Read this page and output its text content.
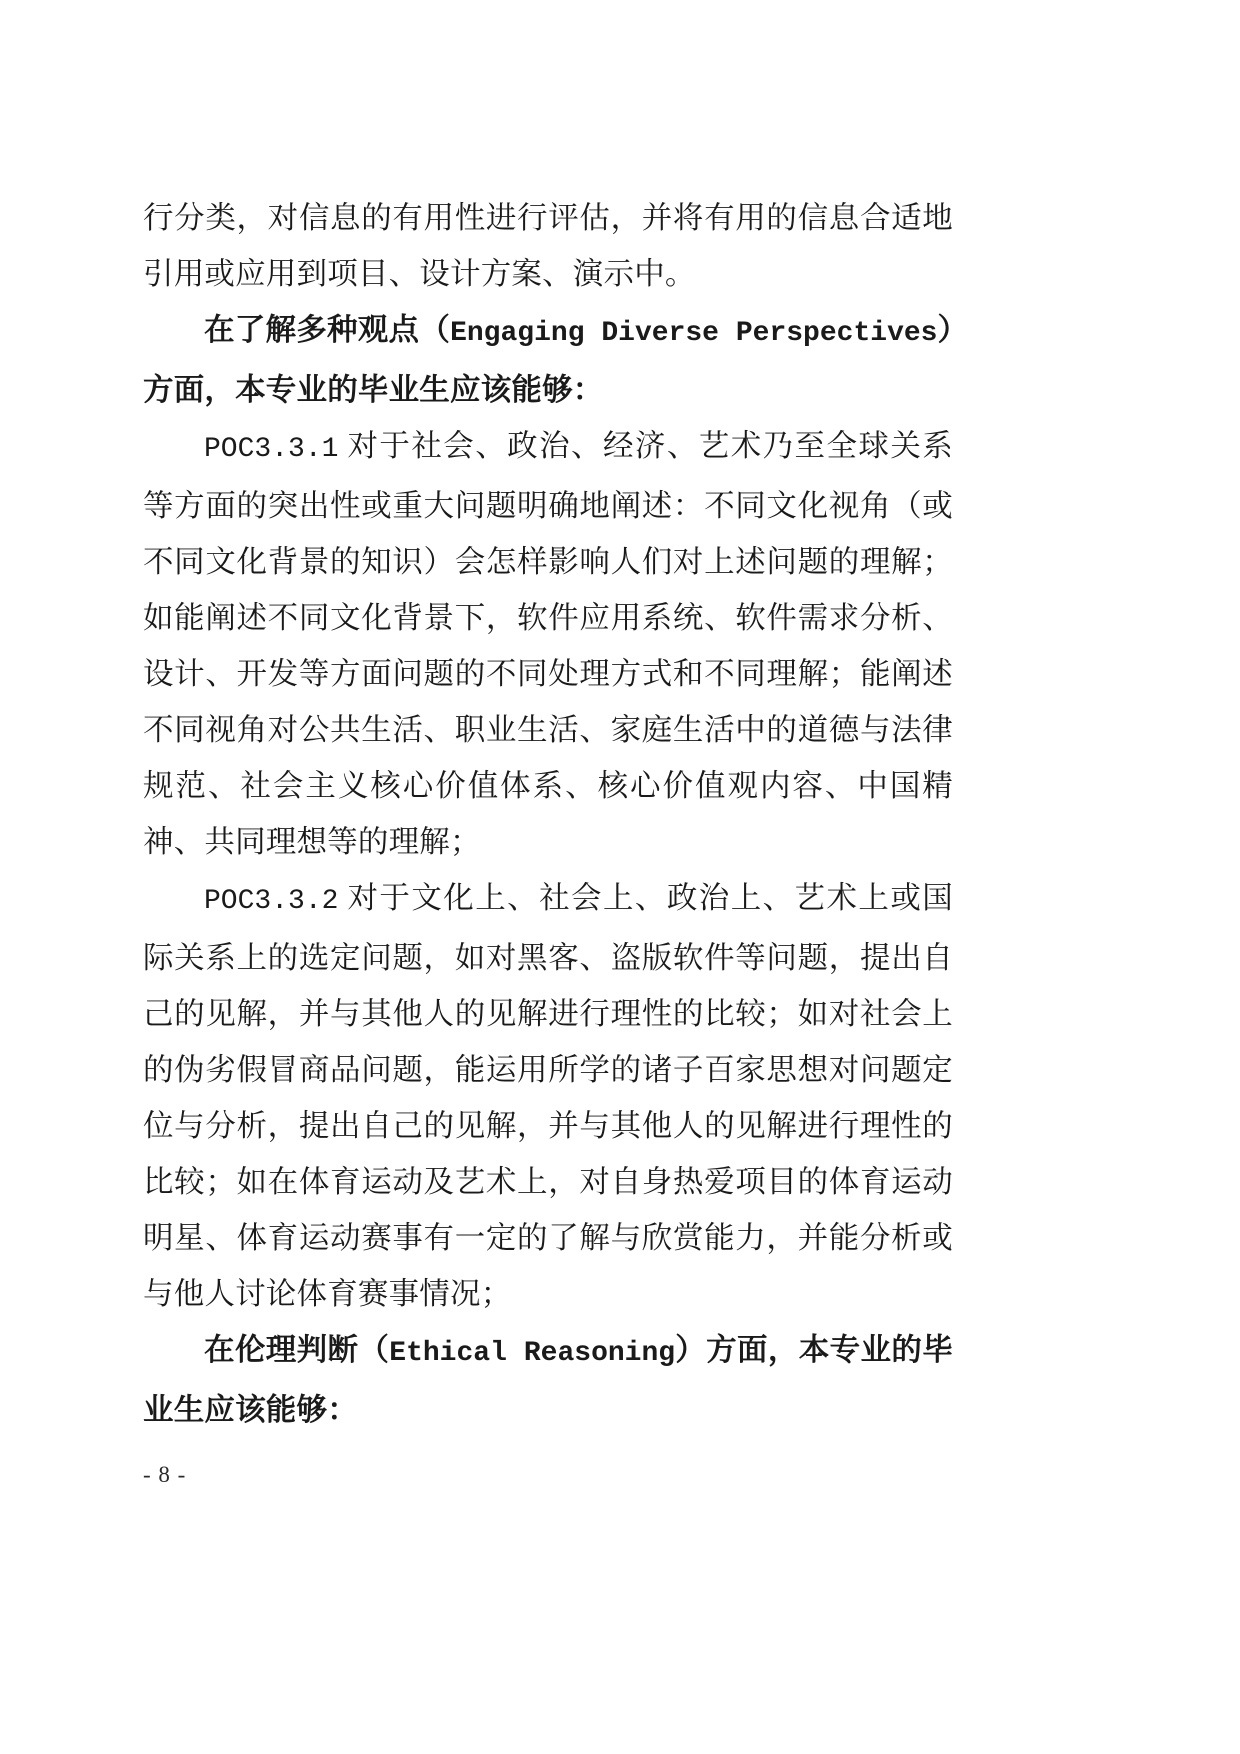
行分类，对信息的有用性进行评估，并将有用的信息合适地引用或应用到项目、设计方案、演示中。

在了解多种观点（Engaging Diverse Perspectives）方面，本专业的毕业生应该能够：

POC3.3.1 对于社会、政治、经济、艺术乃至全球关系等方面的突出性或重大问题明确地阐述：不同文化视角（或不同文化背景的知识）会怎样影响人们对上述问题的理解；如能阐述不同文化背景下，软件应用系统、软件需求分析、设计、开发等方面问题的不同处理方式和不同理解；能阐述不同视角对公共生活、职业生活、家庭生活中的道德与法律规范、社会主义核心价值体系、核心价值观内容、中国精神、共同理想等的理解；

POC3.3.2 对于文化上、社会上、政治上、艺术上或国际关系上的选定问题，如对黑客、盗版软件等问题，提出自己的见解，并与其他人的见解进行理性的比较；如对社会上的伪劣假冒商品问题，能运用所学的诸子百家思想对问题定位与分析，提出自己的见解，并与其他人的见解进行理性的比较；如在体育运动及艺术上，对自身热爱项目的体育运动明星、体育运动赛事有一定的了解与欣赏能力，并能分析或与他人讨论体育赛事情况；

在伦理判断（Ethical Reasoning）方面，本专业的毕业生应该能够：

- 8 -
